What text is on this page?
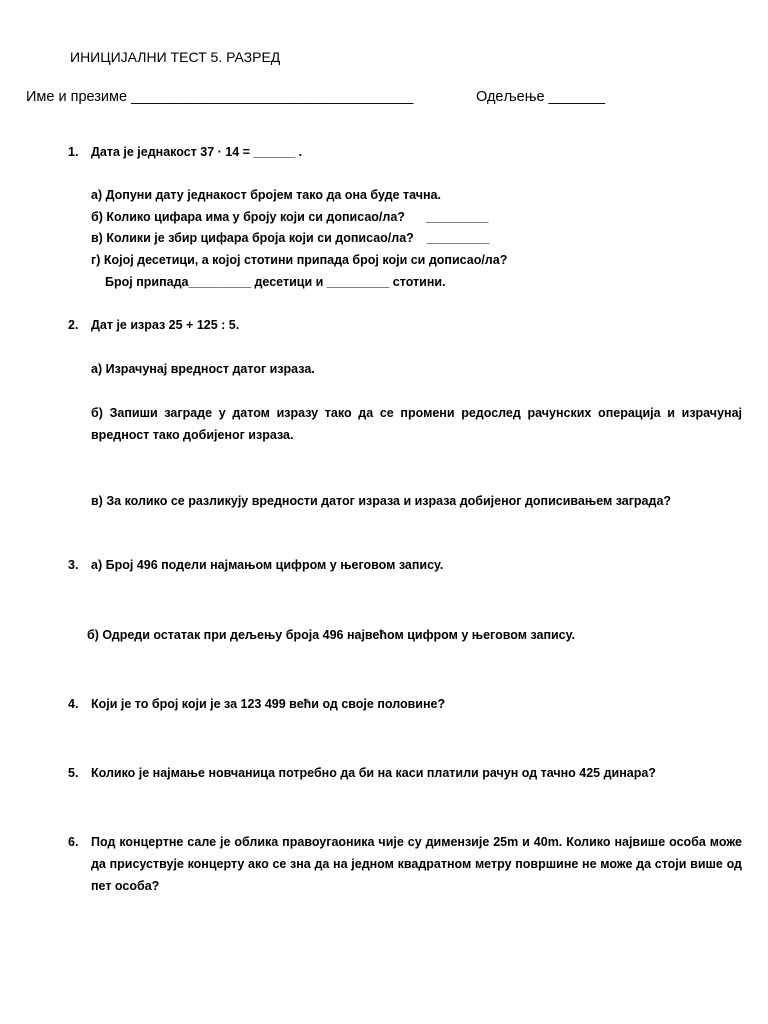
ИНИЦИЈАЛНИ ТЕСТ 5. РАЗРЕД
Име и презиме ___________________________________	Одељење _______
1. Дата је једнакост 37 · 14 = ______ .
а) Допуни дату једнакост бројем тако да она буде тачна.
б) Колико цифара има у броју који си дописао/ла? _________
в) Колики је збир цифара броја који си дописао/ла? _________
г) Којој десетици, а којој стотини припада број који си дописао/ла?
Број припада_________ десетици и _________ стотини.
2. Дат је израз 25 + 125 : 5.
а) Израчунај вредност датог израза.
б) Запиши заграде у датом изразу тако да се промени редослед рачунских операција и израчунај вредност тако добијеног израза.
в) За колико се разликују вредности датог израза и израза добијеног дописивањем заграда?
3. а) Број 496 подели најмањом цифром у његовом запису.
б) Одреди остатак при дељењу броја 496 највећом цифром у његовом запису.
4. Који је то број који је за 123 499 већи од своје половине?
5. Колико је најмање новчаница потребно да би на каси платили рачун од тачно 425 динара?
6. Под концертне сале је облика правоугаоника чије су димензије 25m и 40m. Колико највише особа може да присуствује концерту ако се зна да на једном квадратном метру површине не може да стоји више од пет особа?
